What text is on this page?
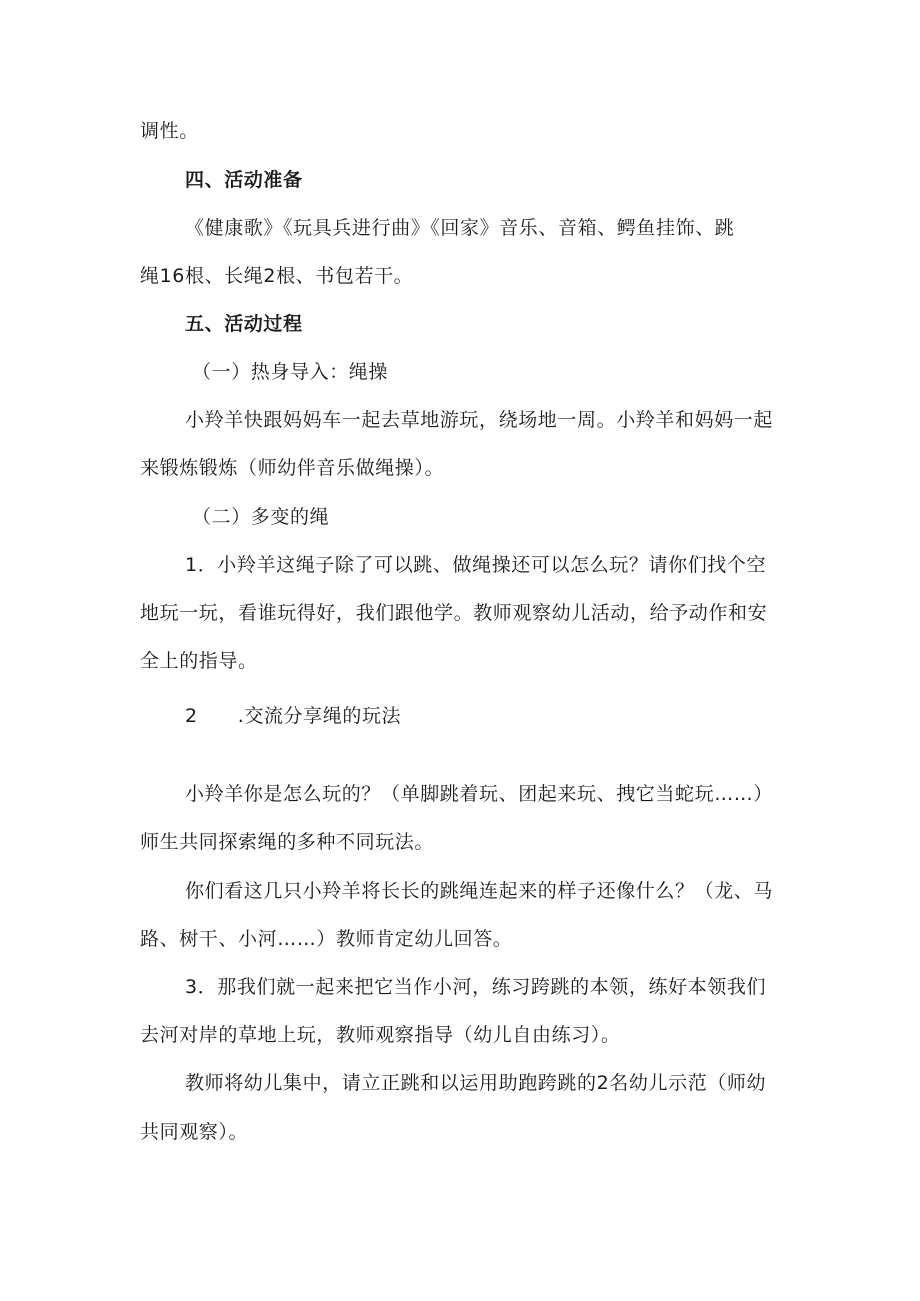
调性。
四、活动准备
《健康歌》《玩具兵进行曲》《回家》音乐、音箱、鳄鱼挂饰、跳
绳16根、长绳2根、书包若干。
五、活动过程
（一）热身导入：绳操
小羚羊快跟妈妈车一起去草地游玩，绕场地一周。小羚羊和妈妈一起
来锻炼锻炼（师幼伴音乐做绳操）。
（二）多变的绳
1．小羚羊这绳子除了可以跳、做绳操还可以怎么玩？请你们找个空
地玩一玩，看谁玩得好，我们跟他学。教师观察幼儿活动，给予动作和安
全上的指导。
2 .交流分享绳的玩法
小羚羊你是怎么玩的？（单脚跳着玩、团起来玩、拽它当蛇玩……）
师生共同探索绳的多种不同玩法。
你们看这几只小羚羊将长长的跳绳连起来的样子还像什么？（龙、马
路、树干、小河……）教师肯定幼儿回答。
3．那我们就一起来把它当作小河，练习跨跳的本领，练好本领我们
去河对岸的草地上玩，教师观察指导（幼儿自由练习）。
教师将幼儿集中，请立正跳和以运用助跑跨跳的2名幼儿示范（师幼
共同观察）。
